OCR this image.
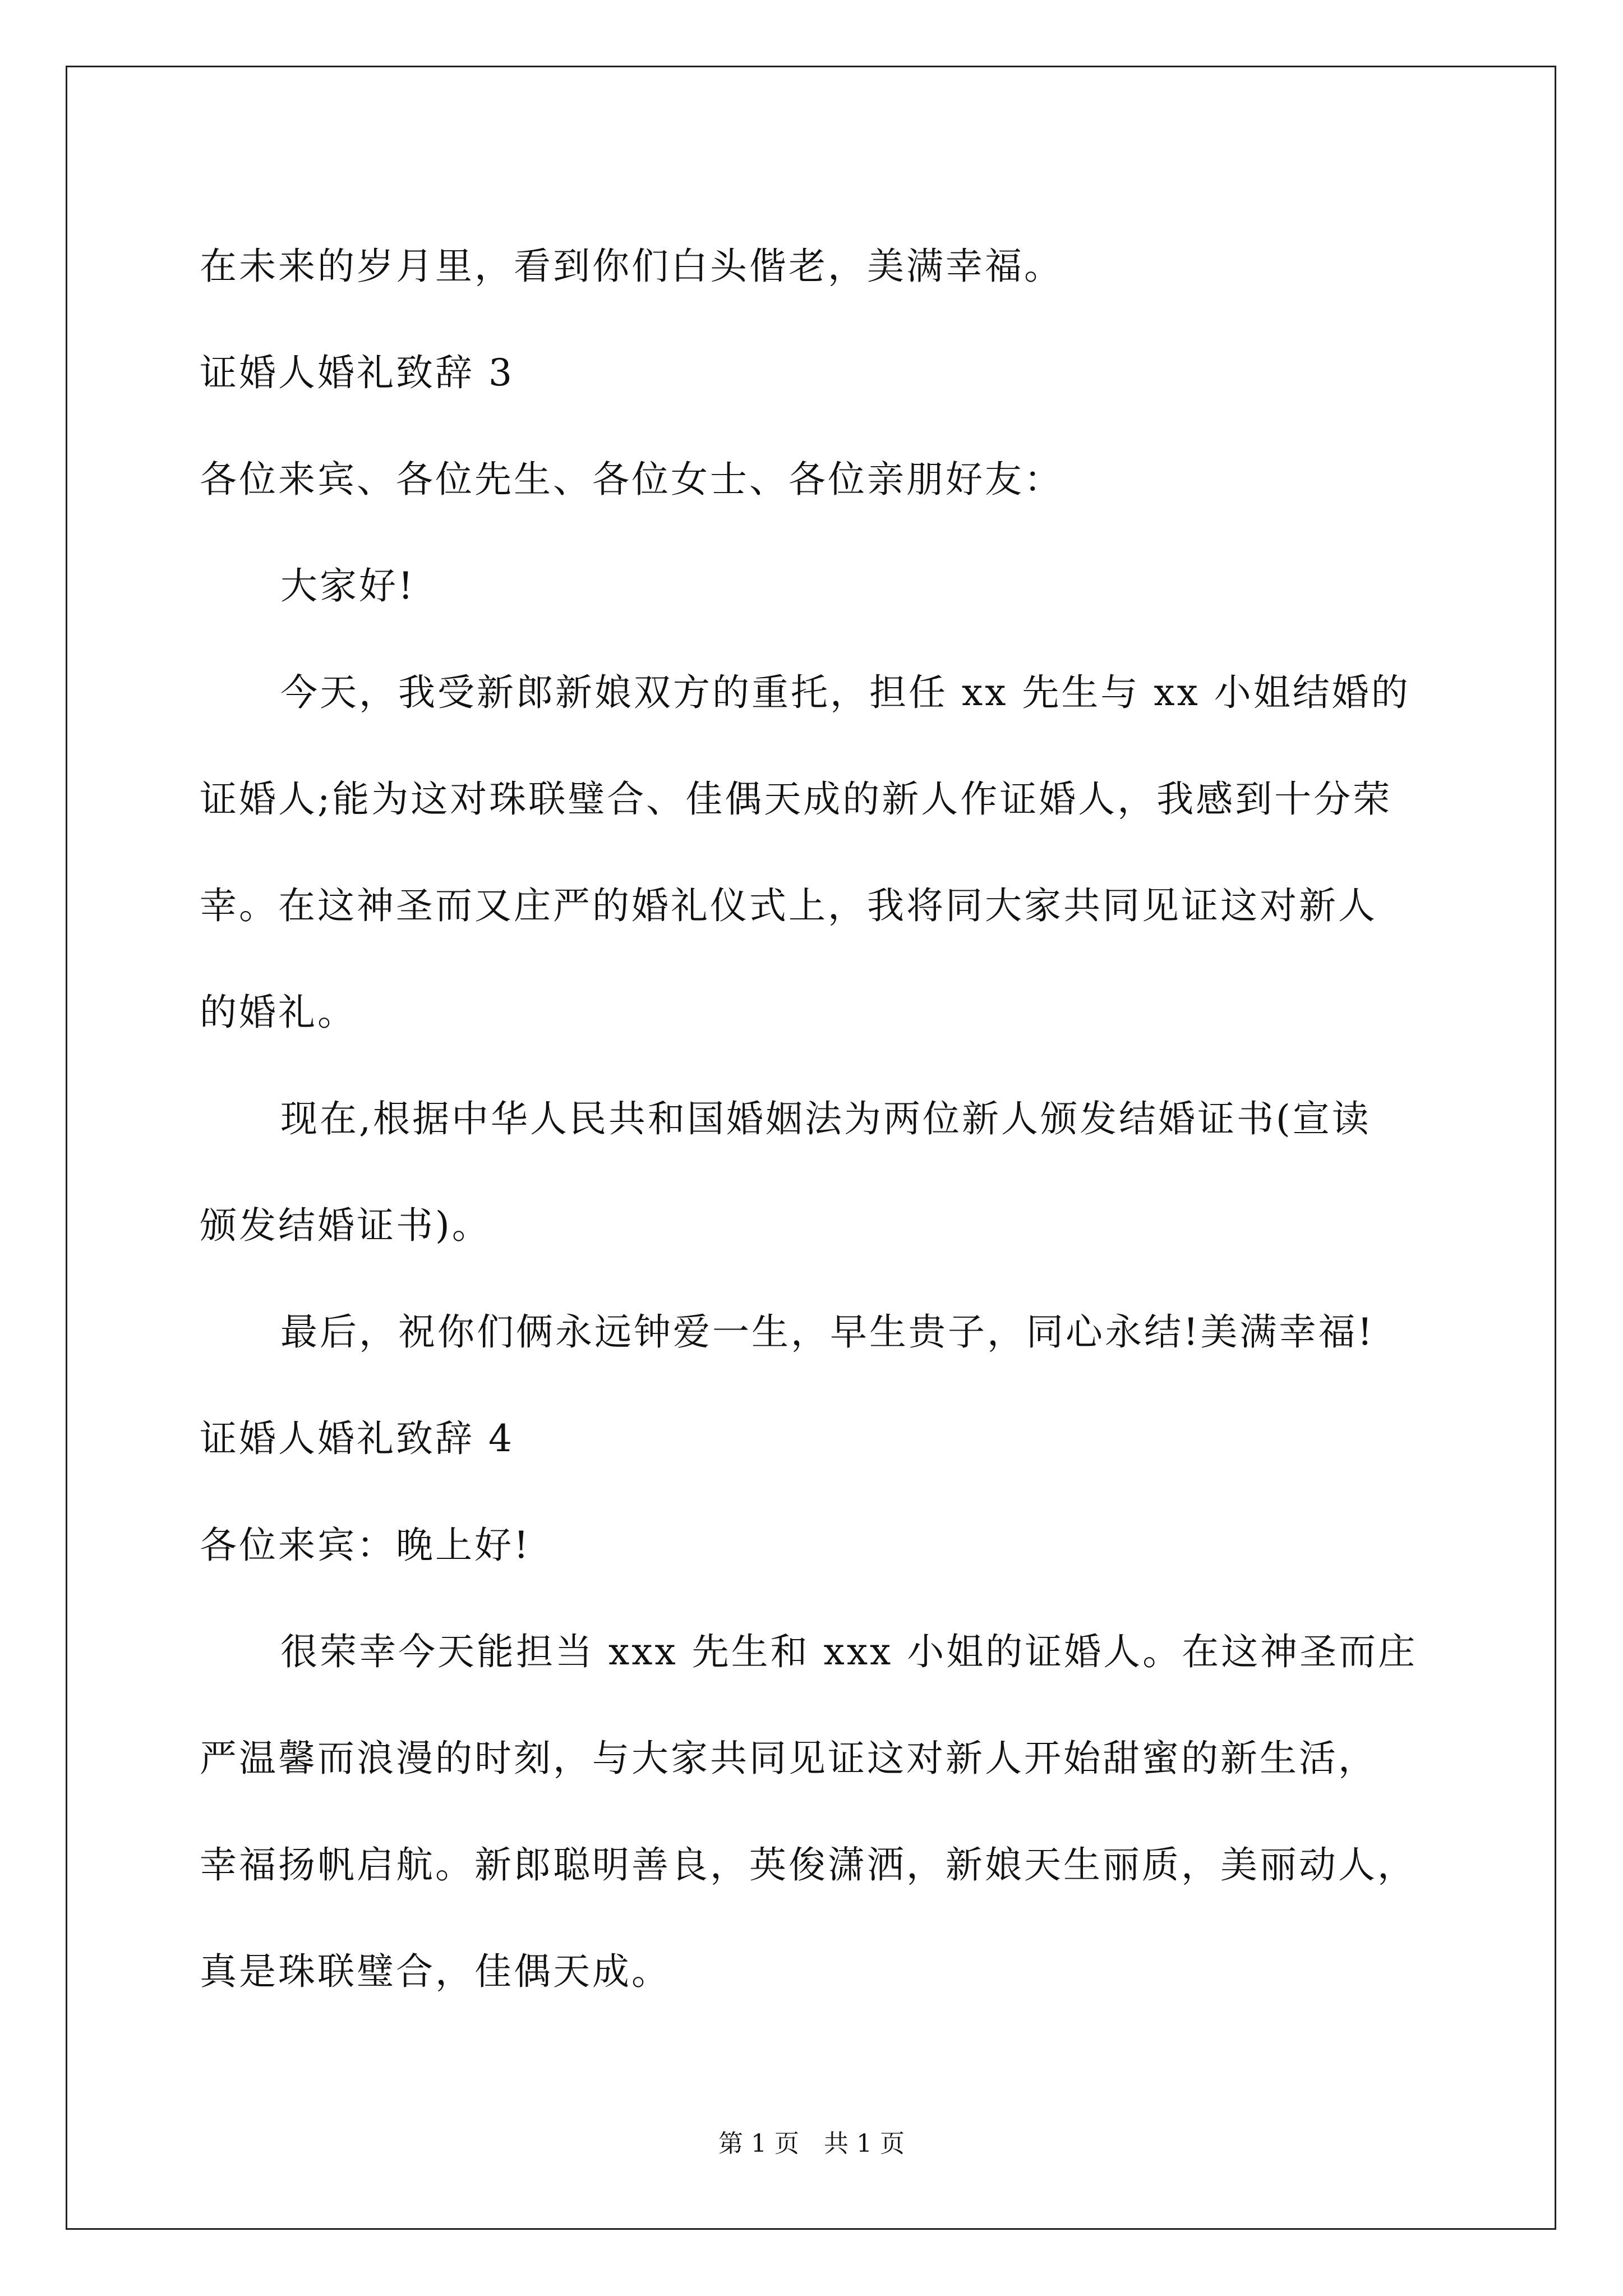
在未来的岁月里，看到你们白头偕老，美满幸福。
证婚人婚礼致辞 3
各位来宾、各位先生、各位女士、各位亲朋好友：
大家好!
今天，我受新郎新娘双方的重托，担任 xx 先生与 xx 小姐结婚的
证婚人;能为这对珠联璧合、佳偶天成的新人作证婚人，我感到十分荣
幸。在这神圣而又庄严的婚礼仪式上，我将同大家共同见证这对新人
的婚礼。
现在,根据中华人民共和国婚姻法为两位新人颁发结婚证书(宣读
颁发结婚证书)。
最后，祝你们俩永远钟爱一生，早生贵子，同心永结!美满幸福!
证婚人婚礼致辞 4
各位来宾：晚上好!
很荣幸今天能担当 xxx 先生和 xxx 小姐的证婚人。在这神圣而庄
严温馨而浪漫的时刻，与大家共同见证这对新人开始甜蜜的新生活，
幸福扬帆启航。新郎聪明善良，英俊潇洒，新娘天生丽质，美丽动人，
真是珠联璧合，佳偶天成。
第 1 页　共 1 页
